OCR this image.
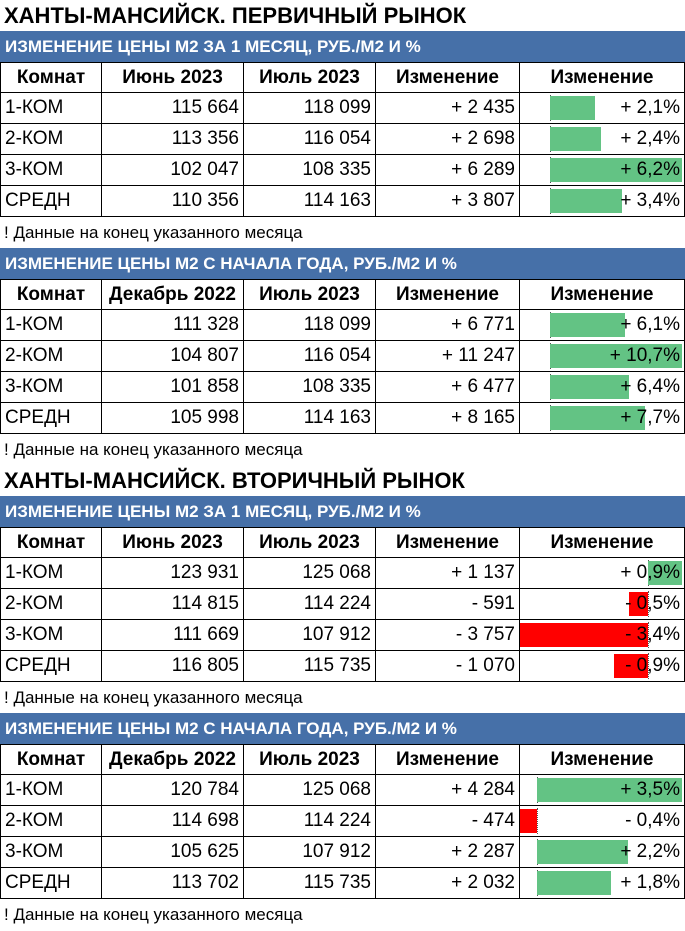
ХАНТЫ-МАНСИЙСК. ПЕРВИЧНЫЙ РЫНОК
ИЗМЕНЕНИЕ ЦЕНЫ М2 ЗА 1 МЕСЯЦ, РУБ./М2 И %
Комнат	Июнь 2023	Июль 2023	Изменение	Изменение
1-КОМ	115 664	118 099	+ 2 435	+ 2,1%
2-КОМ	113 356	116 054	+ 2 698	+ 2,4%
3-КОМ	102 047	108 335	+ 6 289	+ 6,2%
СРЕДН	110 356	114 163	+ 3 807	+ 3,4%
! Данные на конец указанного месяца
ИЗМЕНЕНИЕ ЦЕНЫ М2 С НАЧАЛА ГОДА, РУБ./М2 И %
Комнат	Декабрь 2022	Июль 2023	Изменение	Изменение
1-КОМ	111 328	118 099	+ 6 771	+ 6,1%
2-КОМ	104 807	116 054	+ 11 247	+ 10,7%
3-КОМ	101 858	108 335	+ 6 477	+ 6,4%
СРЕДН	105 998	114 163	+ 8 165	+ 7,7%
! Данные на конец указанного месяца
ХАНТЫ-МАНСИЙСК. ВТОРИЧНЫЙ РЫНОК
ИЗМЕНЕНИЕ ЦЕНЫ М2 ЗА 1 МЕСЯЦ, РУБ./М2 И %
Комнат	Июнь 2023	Июль 2023	Изменение	Изменение
1-КОМ	123 931	125 068	+ 1 137	+ 0,9%
2-КОМ	114 815	114 224	- 591	- 0,5%
3-КОМ	111 669	107 912	- 3 757	- 3,4%
СРЕДН	116 805	115 735	- 1 070	- 0,9%
! Данные на конец указанного месяца
ИЗМЕНЕНИЕ ЦЕНЫ М2 С НАЧАЛА ГОДА, РУБ./М2 И %
Комнат	Декабрь 2022	Июль 2023	Изменение	Изменение
1-КОМ	120 784	125 068	+ 4 284	+ 3,5%
2-КОМ	114 698	114 224	- 474	- 0,4%
3-КОМ	105 625	107 912	+ 2 287	+ 2,2%
СРЕДН	113 702	115 735	+ 2 032	+ 1,8%
! Данные на конец указанного месяца
